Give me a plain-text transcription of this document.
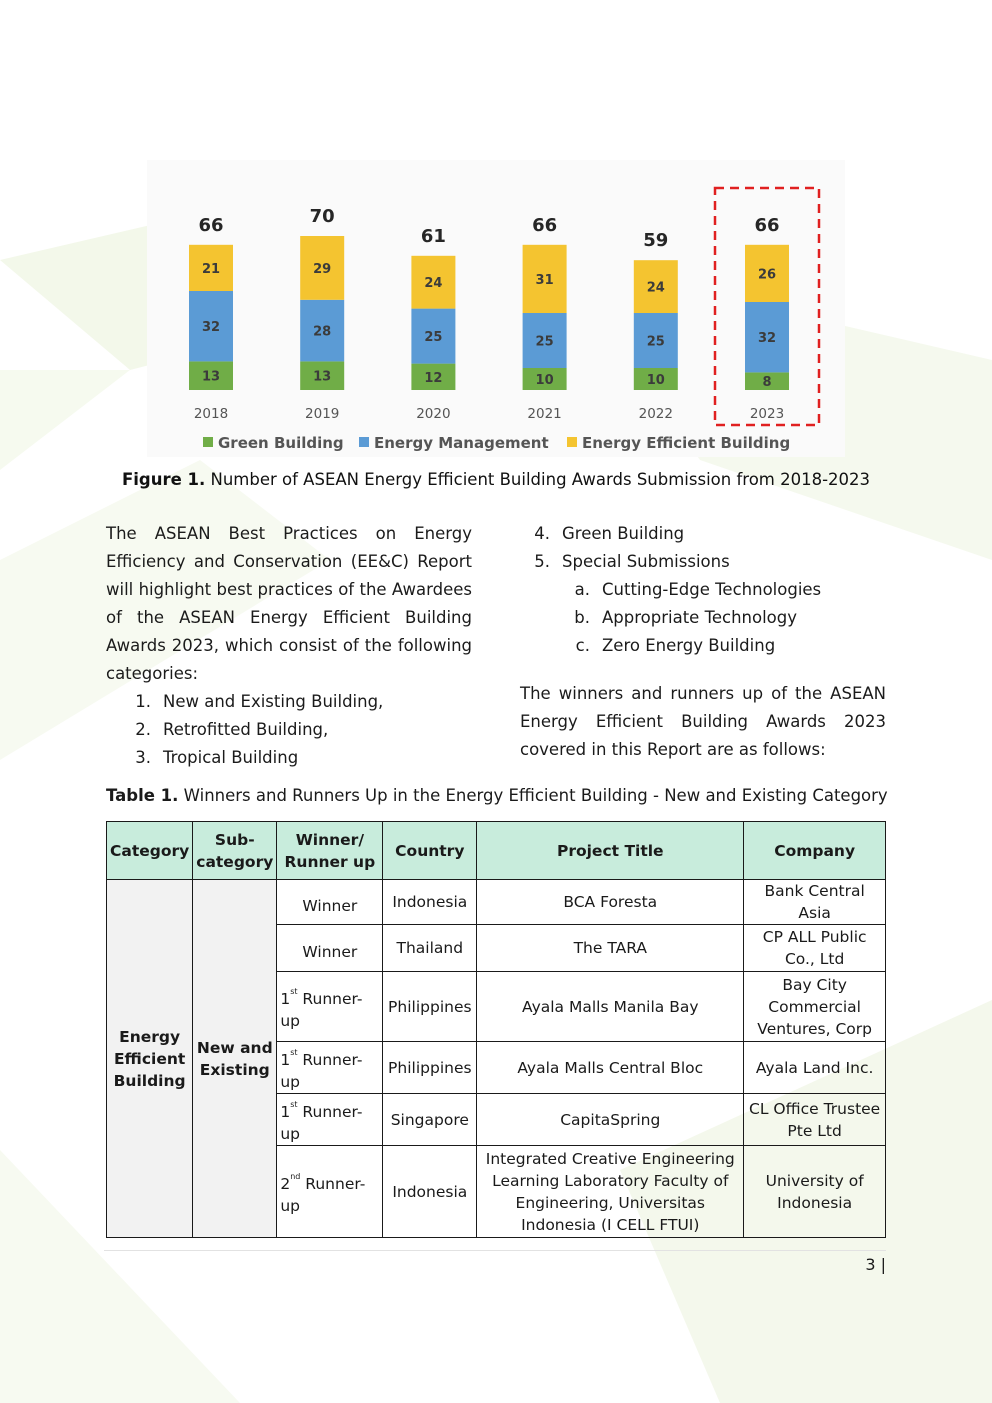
13
32
21
66
2018
13
28
29
70
2019
12
25
24
61
2020
10
25
31
66
2021
10
25
24
59
2022
8
32
26
66
2023
Green Building Energy Management Energy Efficient Building
Figure 1. Number of ASEAN Energy Efficient Building Awards Submission from 2018-2023
The ASEAN Best Practices on Energy Efficiency and Conservation (EE&C) Report will highlight best practices of the Awardees of the ASEAN Energy Efficient Building Awards 2023, which consist of the following categories:
1. New and Existing Building,
2. Retrofitted Building,
3. Tropical Building
4. Green Building
5. Special Submissions
a. Cutting-Edge Technologies
b. Appropriate Technology
c. Zero Energy Building
The winners and runners up of the ASEAN Energy Efficient Building Awards 2023 covered in this Report are as follows:
Table 1. Winners and Runners Up in the Energy Efficient Building - New and Existing Category
Category	Sub-category	Winner/ Runner up	Country	Project Title	Company
Energy Efficient Building	New and Existing	Winner	Indonesia	BCA Foresta	Bank Central Asia
		Winner	Thailand	The TARA	CP ALL Public Co., Ltd
		1st Runner-up	Philippines	Ayala Malls Manila Bay	Bay City Commercial Ventures, Corp
		1st Runner-up	Philippines	Ayala Malls Central Bloc	Ayala Land Inc.
		1st Runner-up	Singapore	CapitaSpring	CL Office Trustee Pte Ltd
		2nd Runner-up	Indonesia	Integrated Creative Engineering Learning Laboratory Faculty of Engineering, Universitas Indonesia (I CELL FTUI)	University of Indonesia
3 |
